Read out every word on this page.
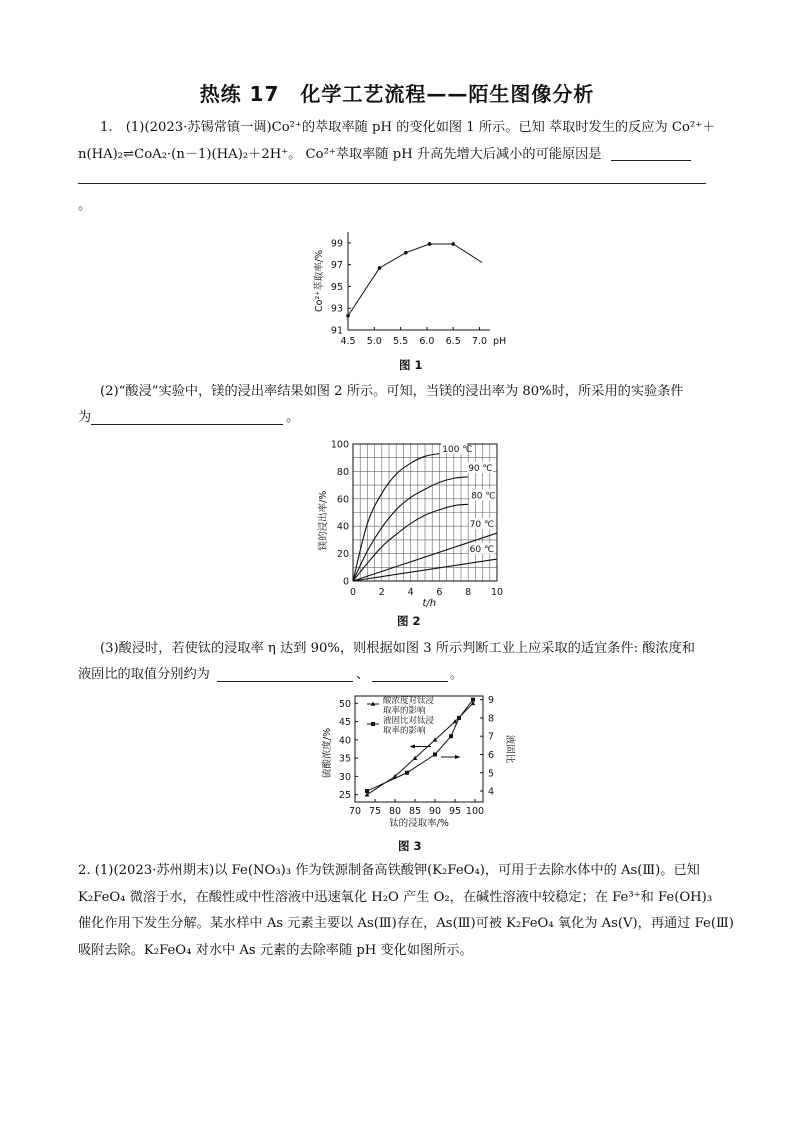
热练 17　化学工艺流程——陌生图像分析
1.　(1)(2023·苏锡常镇一调)Co²⁺的萃取率随 pH 的变化如图 1 所示。已知 萃取时发生的反应为 Co²⁺＋
n(HA)₂⇌CoA₂·(n－1)(HA)₂＋2H⁺。 Co²⁺萃取率随 pH 升高先增大后减小的可能原因是
。
4.5 5.0 5.5 6.0 6.5 7.0 pH
91
93
95
97
99
Co²⁺萃取率/%
图 1
(2)“酸浸”实验中，镁的浸出率结果如图 2 所示。可知，当镁的浸出率为 80%时，所采用的实验条件
为	。
0 2 4 6 8 10
t/h
0
20
40
60
80
100
镁的浸出率/%
100 ℃
90 ℃
80 ℃
70 ℃
60 ℃
图 2
(3)酸浸时，若使钛的浸取率 η 达到 90%，则根据如图 3 所示判断工业上应采取的适宜条件: 酸浓度和
液固比的取值分别约为	、	。
70 75 80 85 90 95 100
钛的浸取率/%
25
30
35
40
45
50
4
5
6
7
8
9
硫酸浓度/%	液固比
酸浓度对钛浸
取率的影响
液固比对钛浸
取率的影响
图 3
2. (1)(2023·苏州期末)以 Fe(NO₃)₃ 作为铁源制备高铁酸钾(K₂FeO₄)，可用于去除水体中的 As(Ⅲ)。已知
K₂FeO₄ 微溶于水，在酸性或中性溶液中迅速氧化 H₂O 产生 O₂，在碱性溶液中较稳定；在 Fe³⁺和 Fe(OH)₃
催化作用下发生分解。某水样中 As 元素主要以 As(Ⅲ)存在，As(Ⅲ)可被 K₂FeO₄ 氧化为 As(Ⅴ)，再通过 Fe(Ⅲ)
吸附去除。K₂FeO₄ 对水中 As 元素的去除率随 pH 变化如图所示。
